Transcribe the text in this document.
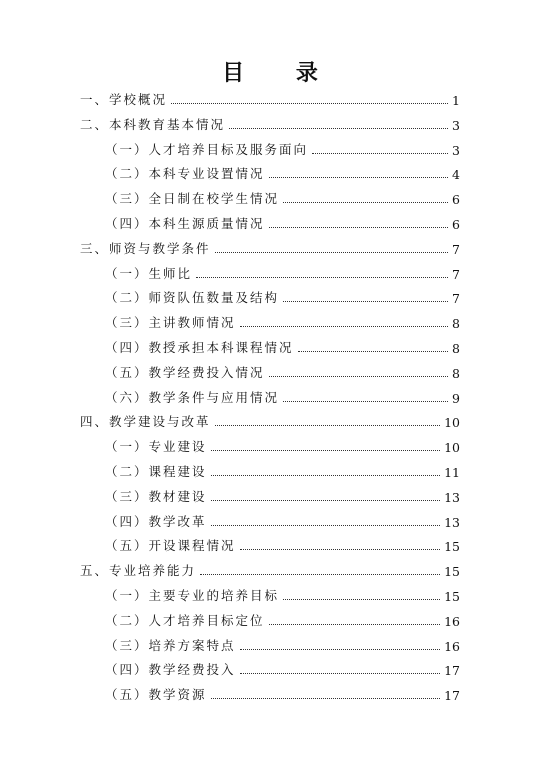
目 录
一、学校概况	1
二、本科教育基本情况	3
（一）人才培养目标及服务面向	3
（二）本科专业设置情况	4
（三）全日制在校学生情况	6
（四）本科生源质量情况	6
三、师资与教学条件	7
（一）生师比	7
（二）师资队伍数量及结构	7
（三）主讲教师情况	8
（四）教授承担本科课程情况	8
（五）教学经费投入情况	8
（六）教学条件与应用情况	9
四、教学建设与改革	10
（一）专业建设	10
（二）课程建设	11
（三）教材建设	13
（四）教学改革	13
（五）开设课程情况	15
五、专业培养能力	15
（一）主要专业的培养目标	15
（二）人才培养目标定位	16
（三）培养方案特点	16
（四）教学经费投入	17
（五）教学资源	17
